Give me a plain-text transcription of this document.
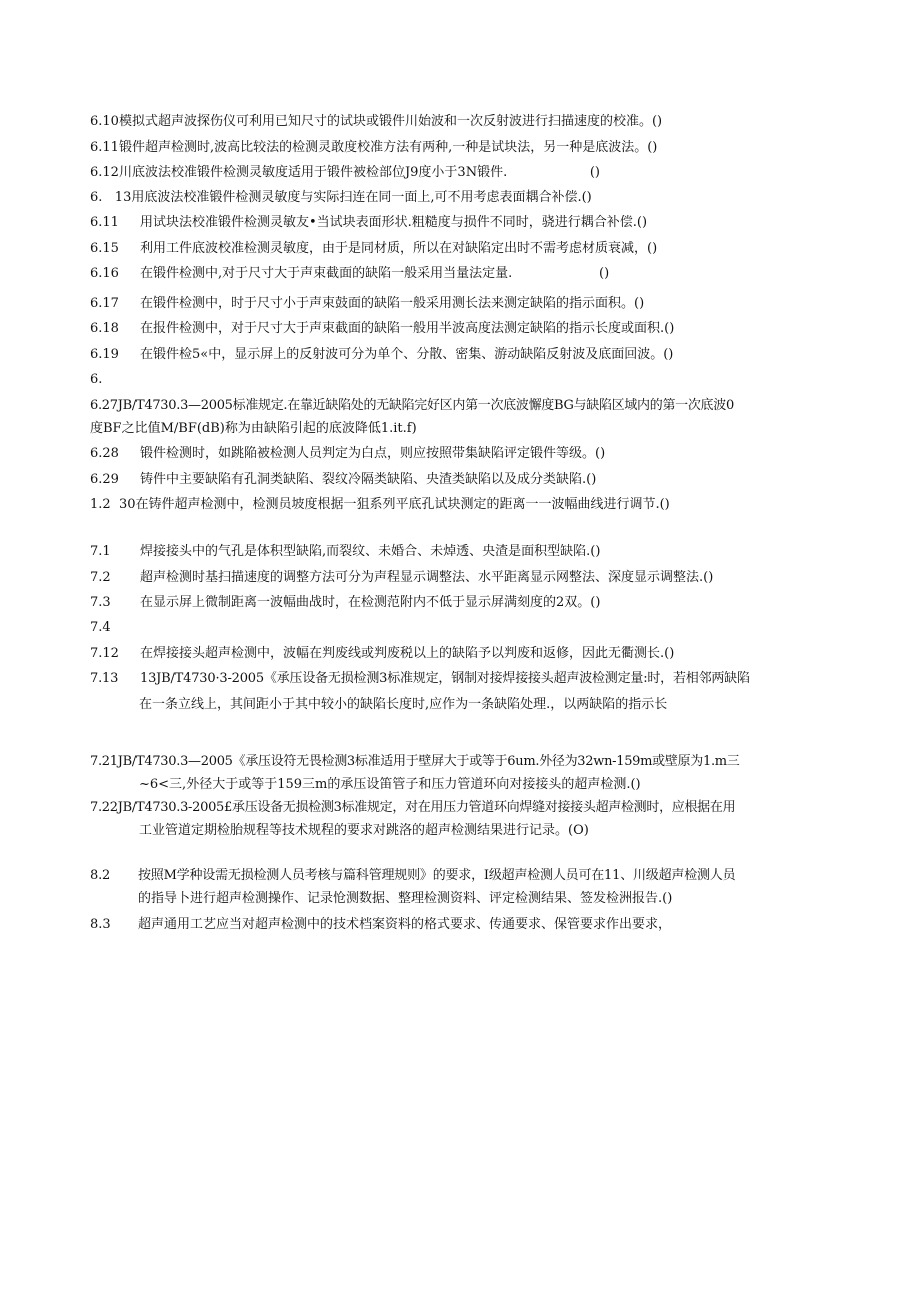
6.10模拟式超声波探伤仪可利用已知尺寸的试块或锻件川始波和一次反射波进行扫描速度的校准。()
6.11锻件超声检测时,波高比较法的检测灵敢度校准方法有两种,一种是试块法，另一种是底波法。()
6.12川底波法校准锻件检测灵敏度适用于锻件被检部位J9度小于3N锻件.                    ()
6.   13用底波法校准锻件检测灵敏度与实际扫连在同一面上,可不用考虑表面耦合补偿.()
6.11 用试块法校准锻件检测灵敏友•当试块表面形状.粗糙度与损件不同时，骁进行耦合补偿.()
6.15 利用工件底波校准检测灵敏度，由于是同材质，所以在对缺陷定出时不需考虑材质衰减，()
6.16 在锻件检测中,对于尺寸大于声束截面的缺陷一般采用当量法定量.                     ()
6.17 在锻件检测中，时于尺寸小于声束鼓面的缺陷一般采用测长法来测定缺陷的指示面积。()
6.18 在报件检测中，对于尺寸大于声束截面的缺陷一般用半波高度法测定缺陷的指示长度或面积.()
6.19 在锻件检5«中，显示屏上的反射波可分为单个、分散、密集、游动缺陷反射波及底面回波。()
6.
6.27JB/T4730.3—2005标准规定.在靠近缺陷处的无缺陷完好区内第一次底波懈度BG与缺陷区域内的第一次底波0
度BF之比值M/BF(dB)称为由缺陷引起的底波降低1.it.f)
6.28 锻件检测时，如跳陥被检测人员判定为白点，则应按照带集缺陷评定锻件等级。()
6.29 铸件中主要缺陷有孔洞类缺陷、裂纹冷隔类缺陷、央渣类缺陷以及成分类缺陷.()
1.2  30在铸件超声检测中，检测员坡度根据一狙系列平底孔试块测定的距离一一波幅曲线进行调节.()
7.1 焊接接头中的气孔是体积型缺陷,而裂纹、未婚合、未焯透、央渣是面积型缺陷.()
7.2 超声检测时基扫描速度的调整方法可分为声程显示调整法、水平距离显示网整法、深度显示调整法.()
7.3 在显示屏上微制距离一波幅曲战时，在检测范附内不低于显示屏满刻度的2双。()
7.4
7.12 在焊接接头超声检测中，波幅在判废线或判废税以上的缺陷予以判废和返修，因此无衢测长.()
7.13 13JB/T4730·3-2005《承压设备无损检测3标准规定，钢制对接焊接接头超声波检测定量:时，若相邻两缺陷
在一条立线上，其间距小于其中较小的缺陷长度时,应作为一条缺陷处理.，以两缺陷的指示长
7.21JB/T4730.3—2005《承压设符无畏检测3标准适用于壁屏大于或等于6um.外径为32wn-159m或壁原为1.m三
~6<三,外径大于或等于159三m的承压设笛管子和压力管道环向对接接头的超声检测.()
7.22JB/T4730.3-2005£承压设备无损检测3标准规定，对在用压力管道环向焊缝对接接头超声检测时，应根据在用
工业管道定期检胎规程等技术规程的要求对跳洛的超声检测结果进行记录。(O)
8.2 按照M学种设需无损检测人员考核与篇科管理规则》的要求，I级超声检测人员可在11、川级超声检测人员
的指导卜进行超声检测操作、记录怆测数据、整理检测资料、评定检测结果、签发检洲报告.()
8.3 超声通用工艺应当对超声检测中的技术档案资料的格式要求、传通要求、保管要求作出要求，
